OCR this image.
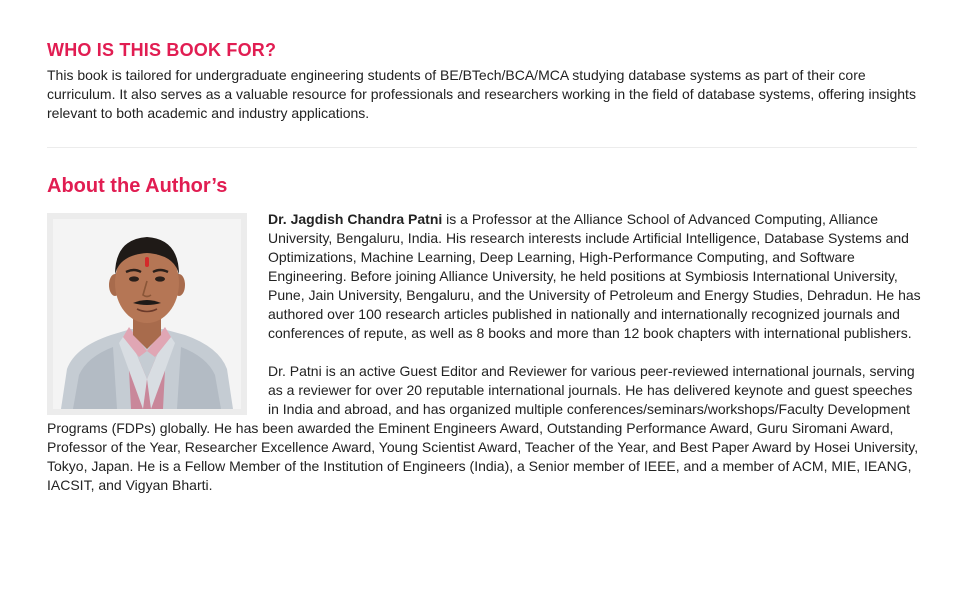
WHO IS THIS BOOK FOR?

This book is tailored for undergraduate engineering students of BE/BTech/BCA/MCA studying database systems as part of their core curriculum. It also serves as a valuable resource for professionals and researchers working in the field of database systems, offering insights relevant to both academic and industry applications.

About the Author’s

Dr. Jagdish Chandra Patni is a Professor at the Alliance School of Advanced Computing, Alliance University, Bengaluru, India. His research interests include Artificial Intelligence, Database Systems and Optimizations, Machine Learning, Deep Learning, High-Performance Computing, and Software Engineering. Before joining Alliance University, he held positions at Symbiosis International University, Pune, Jain University, Bengaluru, and the University of Petroleum and Energy Studies, Dehradun. He has authored over 100 research articles published in nationally and internationally recognized journals and conferences of repute, as well as 8 books and more than 12 book chapters with international publishers.

Dr. Patni is an active Guest Editor and Reviewer for various peer-reviewed international journals, serving as a reviewer for over 20 reputable international journals. He has delivered keynote and guest speeches in India and abroad, and has organized multiple conferences/seminars/workshops/Faculty Development Programs (FDPs) globally. He has been awarded the Eminent Engineers Award, Outstanding Performance Award, Guru Siromani Award, Professor of the Year, Researcher Excellence Award, Young Scientist Award, Teacher of the Year, and Best Paper Award by Hosei University, Tokyo, Japan. He is a Fellow Member of the Institution of Engineers (India), a Senior member of IEEE, and a member of ACM, MIE, IEANG, IACSIT, and Vigyan Bharti.
